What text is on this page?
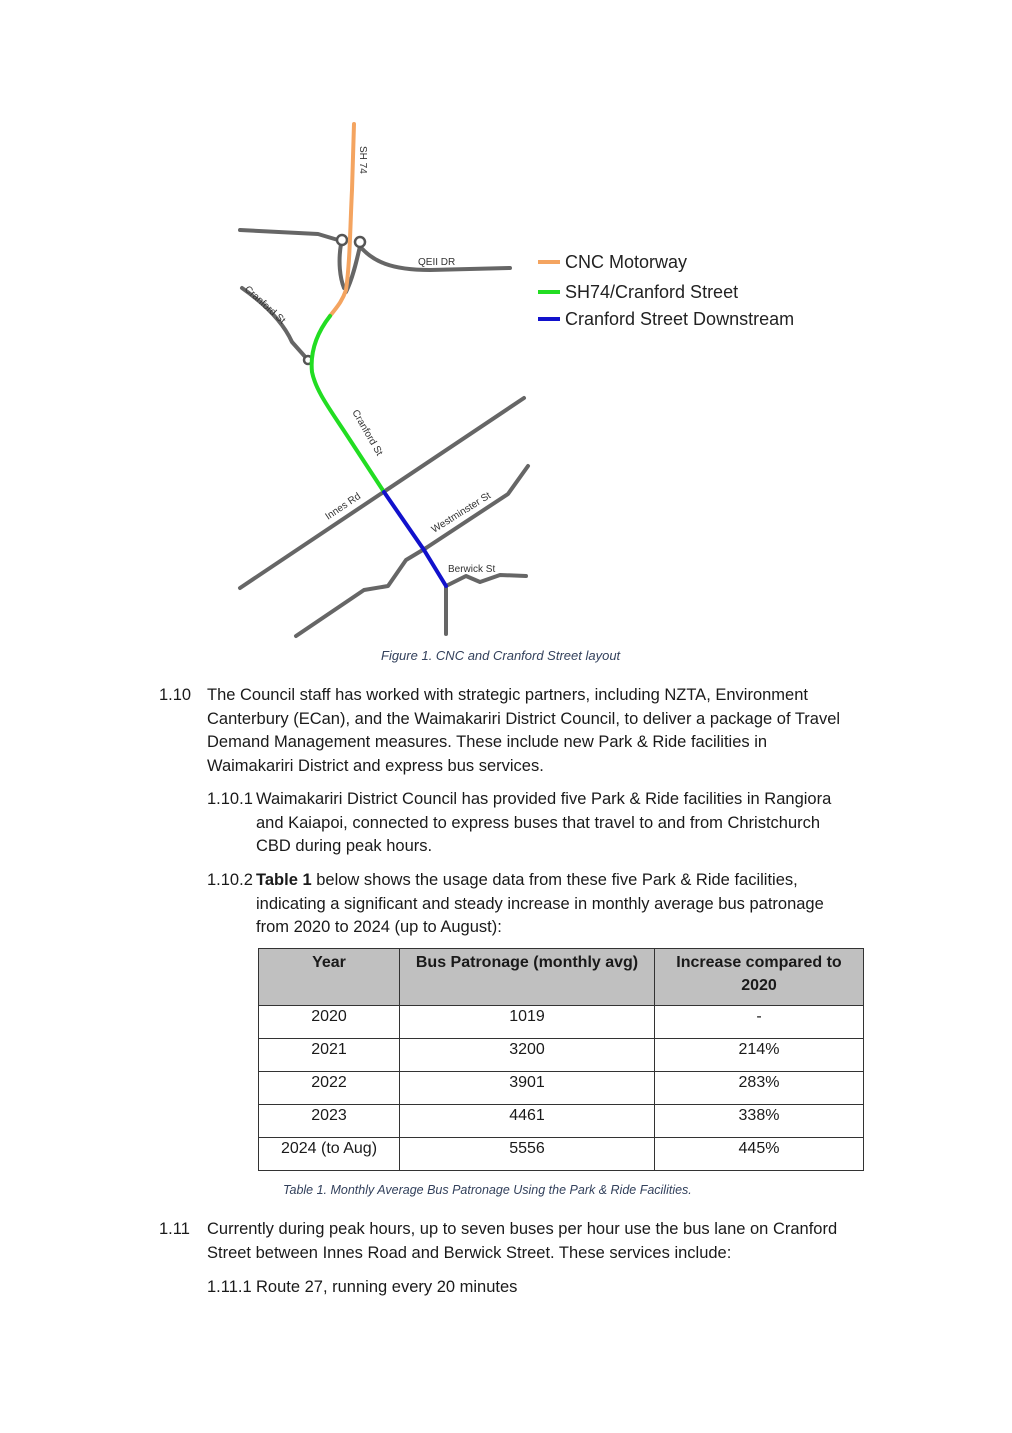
SH 74
QEII DR
Cranford St
Cranford St
Innes Rd	Westminster St
Berwick St
CNC Motorway
SH74/Cranford Street
Cranford Street Downstream
Figure 1. CNC and Cranford Street layout
1.10 The Council staff has worked with strategic partners, including NZTA, Environment
Canterbury (ECan), and the Waimakariri District Council, to deliver a package of Travel
Demand Management measures. These include new Park & Ride facilities in
Waimakariri District and express bus services.
1.10.1 Waimakariri District Council has provided five Park & Ride facilities in Rangiora
and Kaiapoi, connected to express buses that travel to and from Christchurch
CBD during peak hours.
1.10.2 Table 1 below shows the usage data from these five Park & Ride facilities,
indicating a significant and steady increase in monthly average bus patronage
from 2020 to 2024 (up to August):
Year	Bus Patronage (monthly avg)	Increase compared to 2020
2020	1019	-
2021	3200	214%
2022	3901	283%
2023	4461	338%
2024 (to Aug)	5556	445%
Table 1. Monthly Average Bus Patronage Using the Park & Ride Facilities.
1.11 Currently during peak hours, up to seven buses per hour use the bus lane on Cranford
Street between Innes Road and Berwick Street. These services include:
1.11.1 Route 27, running every 20 minutes
